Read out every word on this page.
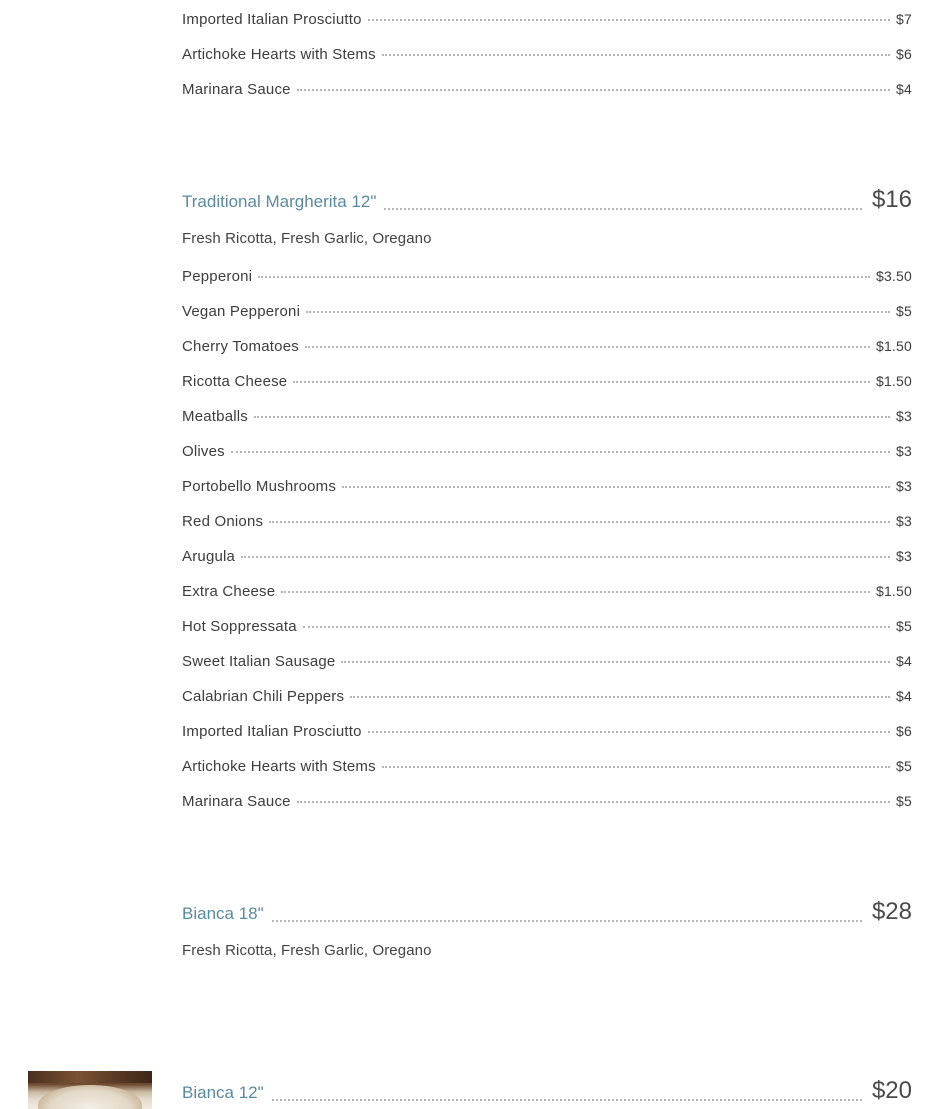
Imported Italian Prosciutto	$7
Artichoke Hearts with Stems	$6
Marinara Sauce	$4
Traditional Margherita 12"	$16
Fresh Ricotta, Fresh Garlic, Oregano
Pepperoni	$3.50
Vegan Pepperoni	$5
Cherry Tomatoes	$1.50
Ricotta Cheese	$1.50
Meatballs	$3
Olives	$3
Portobello Mushrooms	$3
Red Onions	$3
Arugula	$3
Extra Cheese	$1.50
Hot Soppressata	$5
Sweet Italian Sausage	$4
Calabrian Chili Peppers	$4
Imported Italian Prosciutto	$6
Artichoke Hearts with Stems	$5
Marinara Sauce	$5
Bianca 18"	$28
Fresh Ricotta, Fresh Garlic, Oregano
Bianca 12"	$20
